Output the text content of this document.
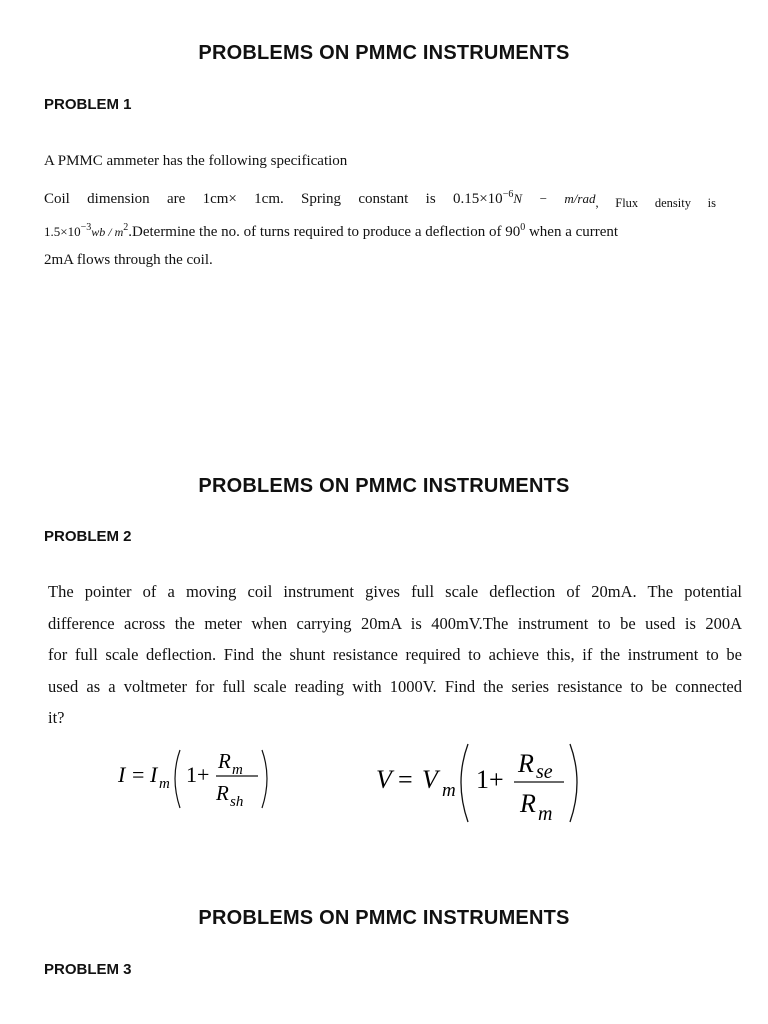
PROBLEMS ON PMMC INSTRUMENTS
PROBLEM 1
A PMMC ammeter has the following specification
Coil dimension are 1cm× 1cm. Spring constant is $0.15\times 10^{-6}N - m/rad_{, Flux density is}$
$1.5\times 10^{-3}wb$ / $m^2.Determine$ the no. of turns required to produce a deflection of $90^0$ when a current
2mA flows through the coil.
PROBLEMS ON PMMC INSTRUMENTS
PROBLEM 2
The pointer of a moving coil instrument gives full scale deflection of 20mA. The potential
difference across the meter when carrying 20mA is 400mV.The instrument to be used is 200A
for full scale deflection. Find the shunt resistance required to achieve this, if the instrument to be
used as a voltmeter for full scale reading with 1000V. Find the series resistance to be connected
it?
I = I m 1+
R m
R sh
V = V m 1+
R se
R m
PROBLEMS ON PMMC INSTRUMENTS
PROBLEM 3
